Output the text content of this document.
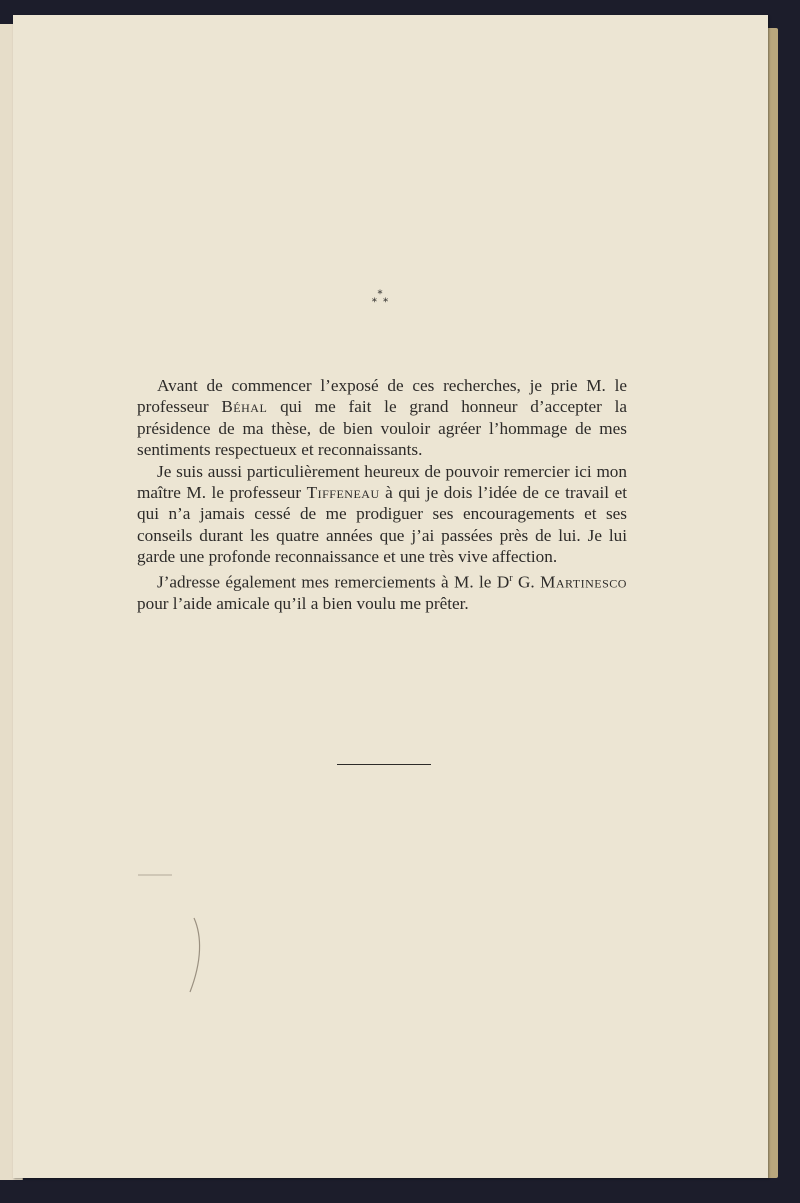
*
*  *

Avant de commencer l’exposé de ces recherches, je prie M. le professeur Béhal qui me fait le grand honneur d’accepter la présidence de ma thèse, de bien vouloir agréer l’hommage de mes sentiments respectueux et reconnaissants.

Je suis aussi particulièrement heureux de pouvoir remercier ici mon maître M. le professeur Tiffeneau à qui je dois l’idée de ce travail et qui n’a jamais cessé de me prodiguer ses encouragements et ses conseils durant les quatre années que j’ai passées près de lui. Je lui garde une profonde reconnaissance et une très vive affection.

J’adresse également mes remerciements à M. le $D^r$ G. Martinesco pour l’aide amicale qu’il a bien voulu me prêter.
